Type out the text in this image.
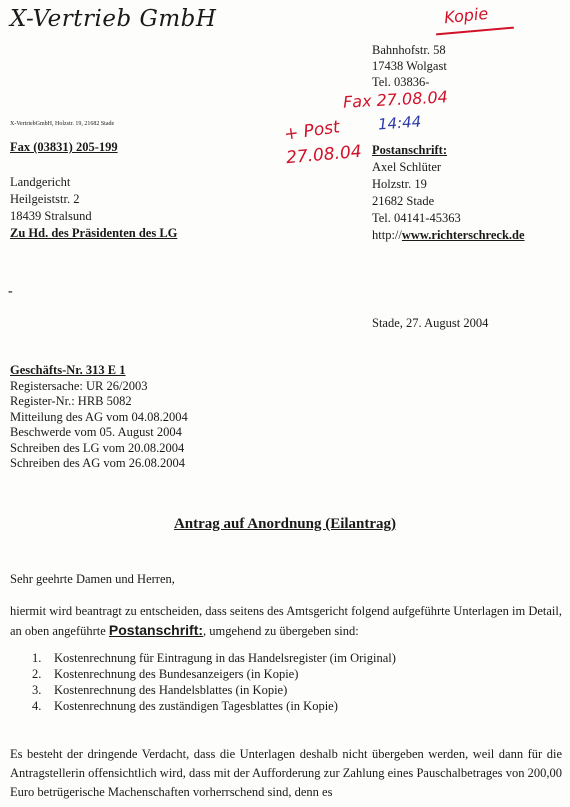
X-Vertrieb GmbH
Bahnhofstr. 58
17438 Wolgast
Tel. 03836-
X-VertriebGmbH, Holzstr. 19, 21682 Stade
Fax (03831) 205-199
Landgericht
Heilgeiststr. 2
18439 Stralsund
Zu Hd. des Präsidenten des LG
Postanschrift:
Axel Schlüter
Holzstr. 19
21682 Stade
Tel. 04141-45363
http://www.richterschreck.de
-
Stade, 27. August 2004
Geschäfts-Nr. 313 E 1
Registersache: UR 26/2003
Register-Nr.: HRB 5082
Mitteilung des AG vom 04.08.2004
Beschwerde vom 05. August 2004
Schreiben des LG vom 20.08.2004
Schreiben des AG vom 26.08.2004
Antrag auf Anordnung (Eilantrag)
Sehr geehrte Damen und Herren,
hiermit wird beantragt zu entscheiden, dass seitens des Amtsgericht folgend aufgeführte Unterlagen im Detail, an oben angeführte Postanschrift:, umgehend zu übergeben sind:
1.	Kostenrechnung für Eintragung in das Handelsregister (im Original)
2.	Kostenrechnung des Bundesanzeigers (in Kopie)
3.	Kostenrechnung des Handelsblattes (in Kopie)
4.	Kostenrechnung des zuständigen Tagesblattes (in Kopie)
Es besteht der dringende Verdacht, dass die Unterlagen deshalb nicht übergeben werden, weil dann für die Antragstellerin offensichtlich wird, dass mit der Aufforderung zur Zahlung eines Pauschalbetrages von 200,00 Euro betrügerische Machenschaften vorherrschend sind, denn es
Kopie
Fax 27.08.04
14:44
+ Post
27.08.04
